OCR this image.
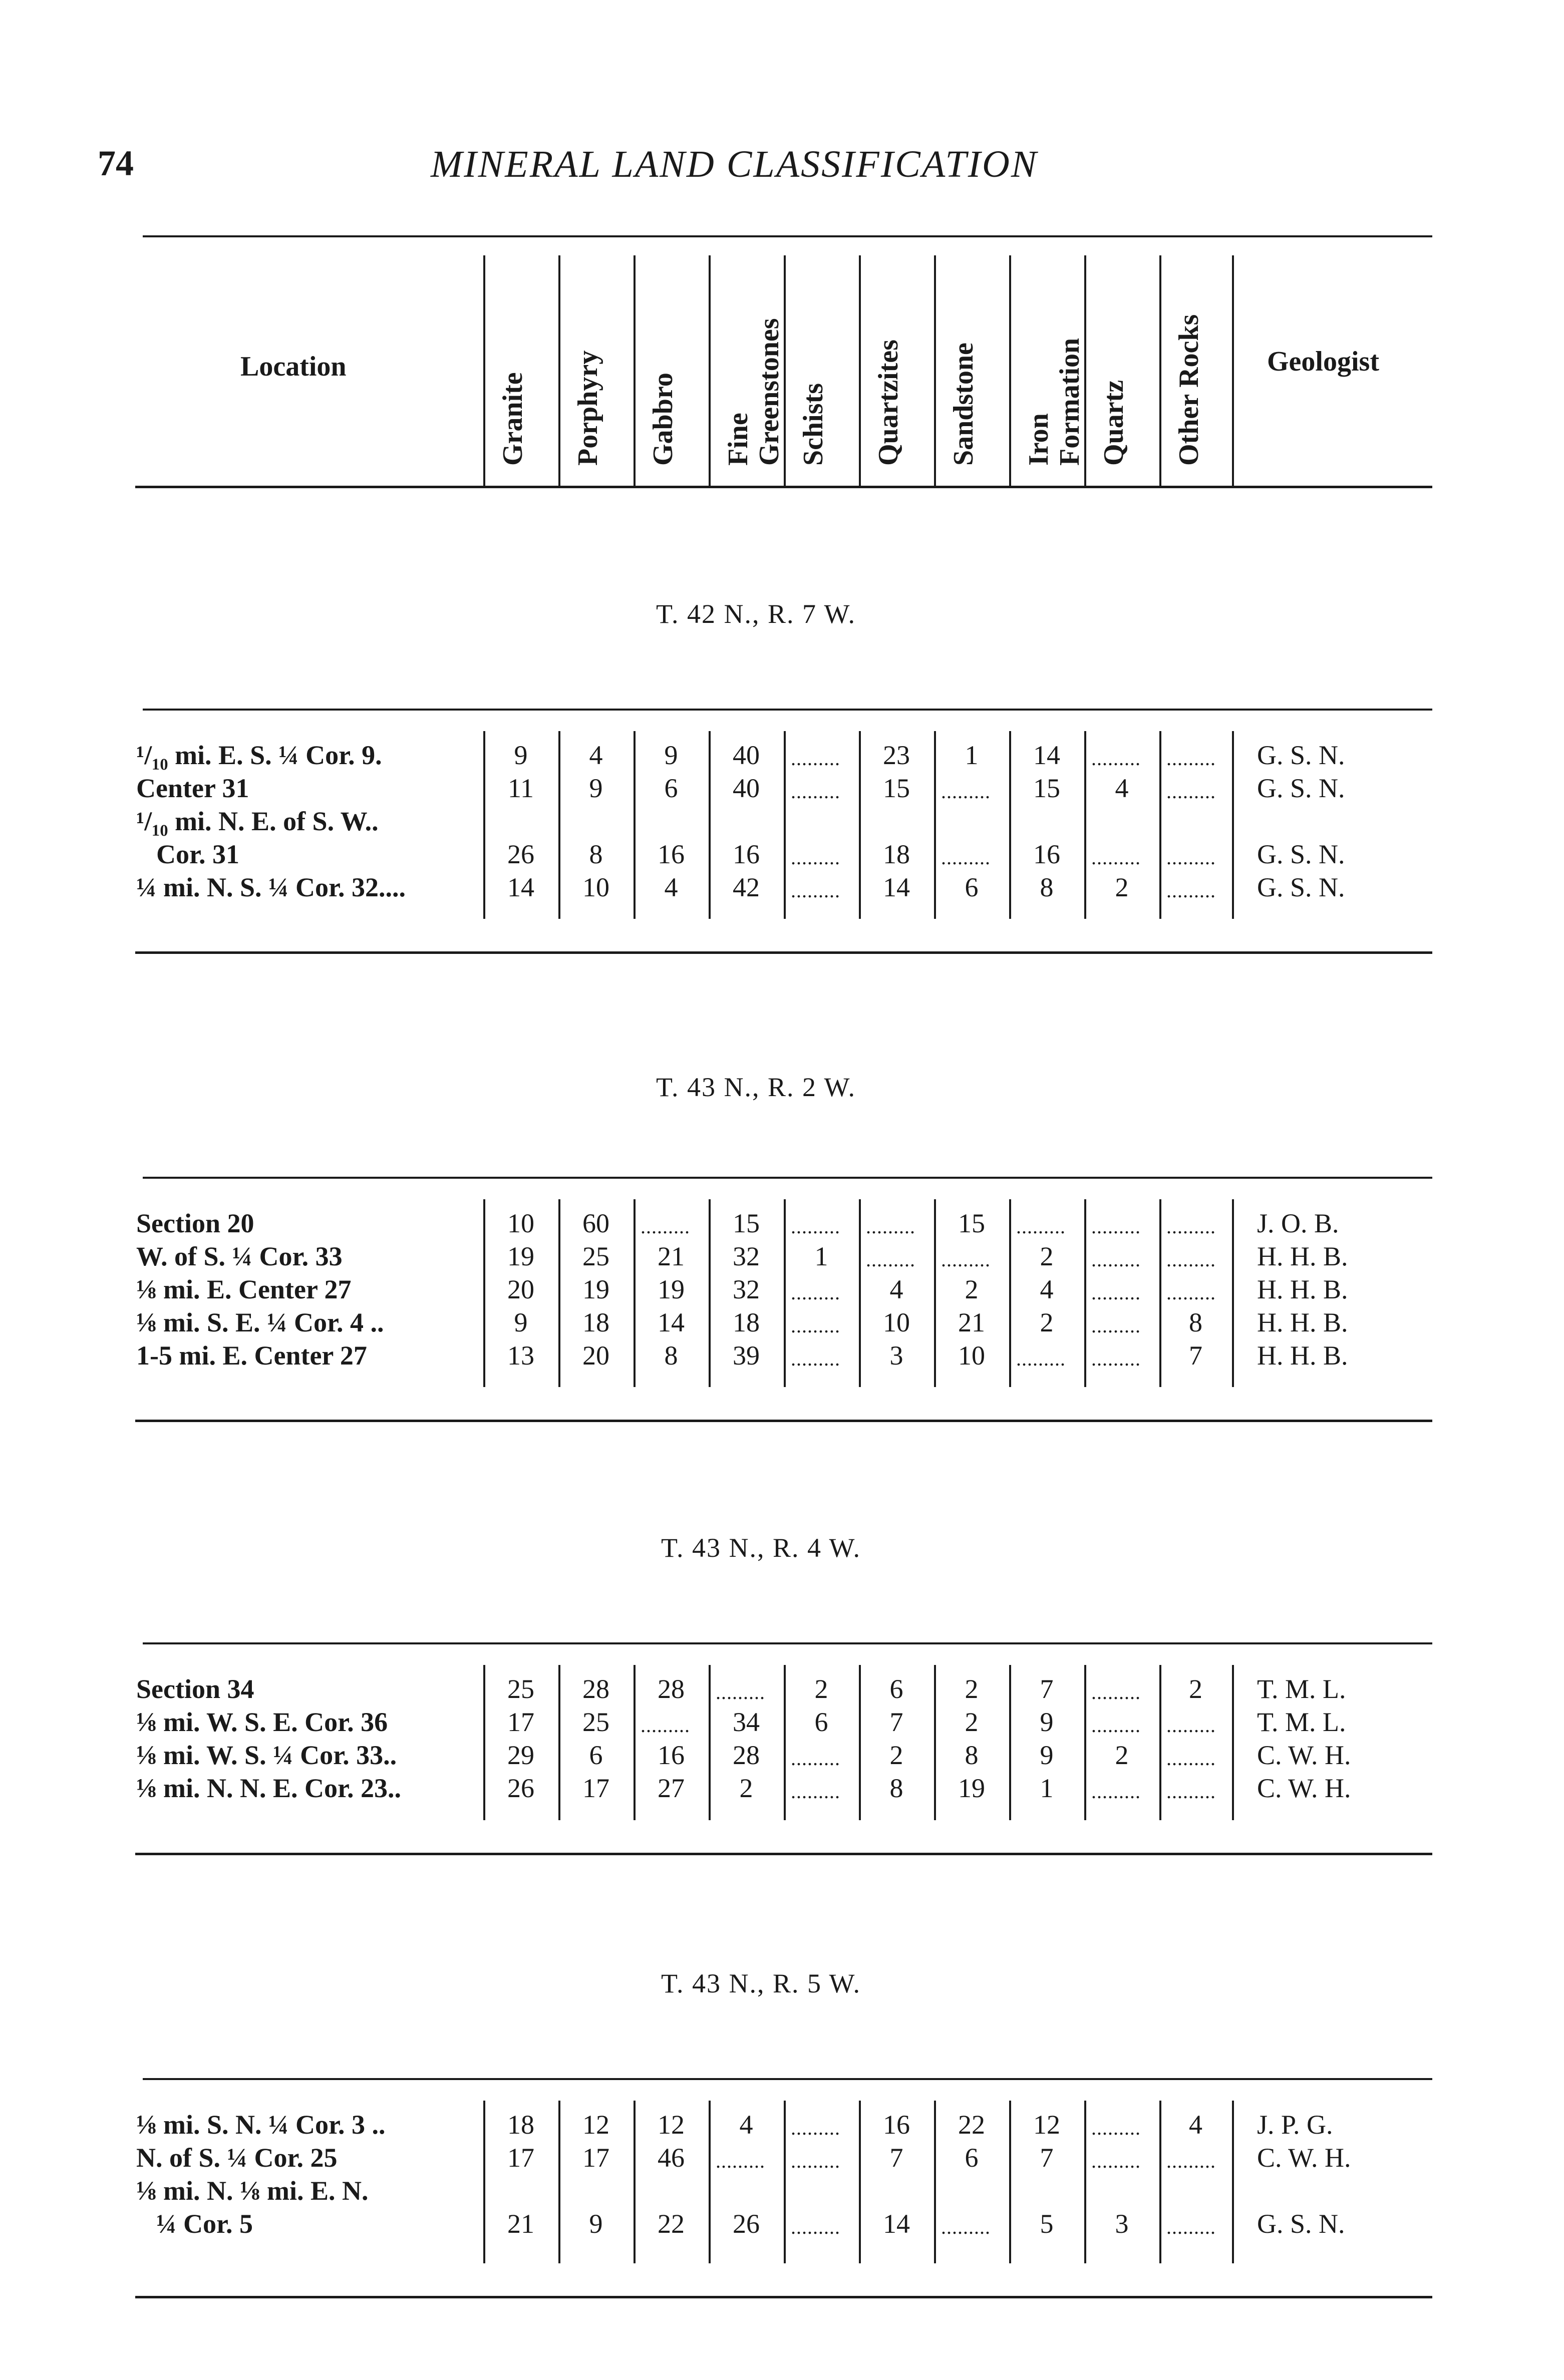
74	MINERAL LAND CLASSIFICATION
Location	Geologist
Granite Porphyry Gabbro Fine Greenstones Schists Quartzites Sandstone Iron Formation Quartz Other Rocks
T. 42 N., R. 7 W.
¹/₁₀ mi. E. S. ¼ Cor. 9.	9	4	9	40	.........	23	1	14	.........	.........	G. S. N.
Center 31	11	9	6	40	.........	15	.........	15	4	.........	G. S. N.
¹/₁₀ mi. N. E. of S. W..
Cor. 31	26	8	16	16	.........	18	.........	16	.........	.........	G. S. N.
¼ mi. N. S. ¼ Cor. 32....	14	10	4	42	.........	14	6	8	2	.........	G. S. N.
T. 43 N., R. 2 W.
Section 20	10	60	.........	15	.........	.........	15	.........	.........	.........	J. O. B.
W. of S. ¼ Cor. 33	19	25	21	32	1	.........	.........	2	.........	.........	H. H. B.
⅛ mi. E. Center 27	20	19	19	32	.........	4	2	4	.........	.........	H. H. B.
⅛ mi. S. E. ¼ Cor. 4 ..	9	18	14	18	.........	10	21	2	.........	8	H. H. B.
1-5 mi. E. Center 27	13	20	8	39	.........	3	10	.........	.........	7	H. H. B.
T. 43 N., R. 4 W.
Section 34	25	28	28	.........	2	6	2	7	.........	2	T. M. L.
⅛ mi. W. S. E. Cor. 36	17	25	.........	34	6	7	2	9	.........	.........	T. M. L.
⅛ mi. W. S. ¼ Cor. 33..	29	6	16	28	.........	2	8	9	2	.........	C. W. H.
⅛ mi. N. N. E. Cor. 23..	26	17	27	2	.........	8	19	1	.........	.........	C. W. H.
T. 43 N., R. 5 W.
⅛ mi. S. N. ¼ Cor. 3 ..	18	12	12	4	.........	16	22	12	.........	4	J. P. G.
N. of S. ¼ Cor. 25	17	17	46	.........	.........	7	6	7	.........	.........	C. W. H.
⅛ mi. N. ⅛ mi. E. N.
¼ Cor. 5	21	9	22	26	.........	14	.........	5	3	.........	G. S. N.
